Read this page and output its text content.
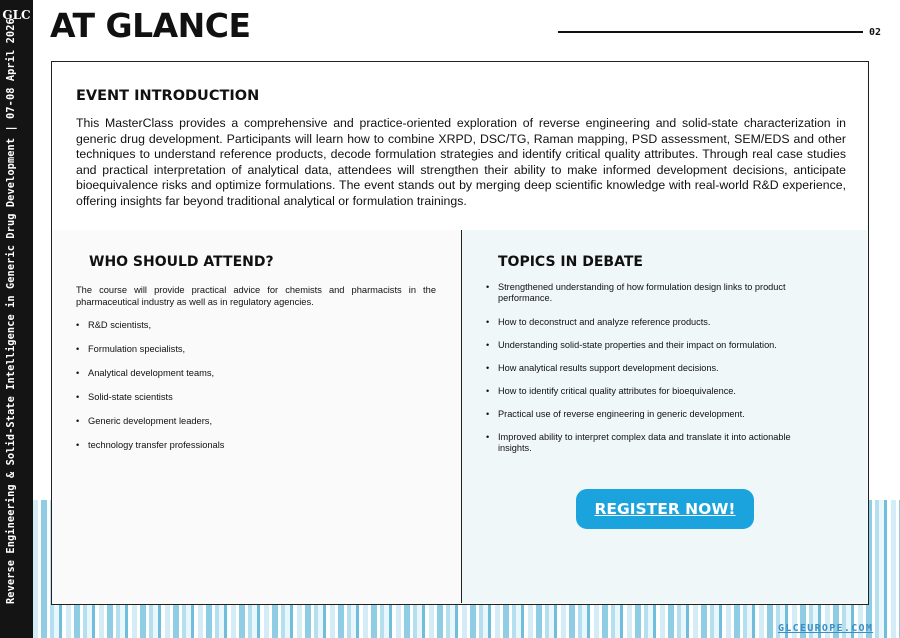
GLC
Reverse Engineering & Solid-State Intelligence in Generic Drug Development | 07-08 April 2026 AT GLANCE	02
EVENT INTRODUCTION

This MasterClass provides a comprehensive and practice-oriented exploration of reverse engineering and solid-state characterization in generic drug development. Participants will learn how to combine XRPD, DSC/TG, Raman mapping, PSD assessment, SEM/EDS and other techniques to understand reference products, decode formulation strategies and identify critical quality attributes. Through real case studies and practical interpretation of analytical data, attendees will strengthen their ability to make informed development decisions, anticipate bioequivalence risks and optimize formulations. The event stands out by merging deep scientific knowledge with real-world R&D experience, offering insights far beyond traditional analytical or formulation trainings.

WHO SHOULD ATTEND?

The course will provide practical advice for chemists and pharmacists in the pharmaceutical industry as well as in regulatory agencies.

• R&D scientists,
• Formulation specialists,
• Analytical development teams,
• Solid-state scientists
• Generic development leaders,
• technology transfer professionals
TOPICS IN DEBATE
• Strengthened understanding of how formulation design links to product performance.
• How to deconstruct and analyze reference products.
• Understanding solid-state properties and their impact on formulation.
• How analytical results support development decisions.
• How to identify critical quality attributes for bioequivalence.
• Practical use of reverse engineering in generic development.
• Improved ability to interpret complex data and translate it into actionable insights.
REGISTER NOW!
GLCEUROPE.COM
